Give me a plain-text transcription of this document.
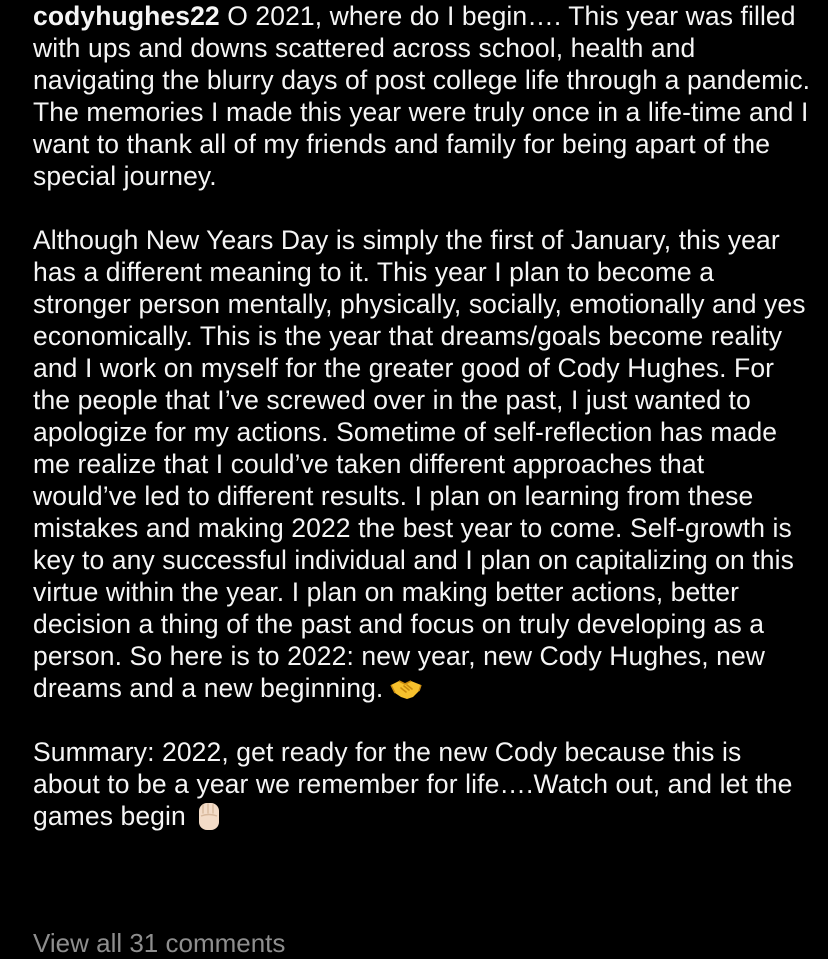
codyhughes22 O 2021, where do I begin…. This year was filled with ups and downs scattered across school, health and navigating the blurry days of post college life through a pandemic. The memories I made this year were truly once in a life-time and I want to thank all of my friends and family for being apart of the special journey.

Although New Years Day is simply the first of January, this year has a different meaning to it. This year I plan to become a stronger person mentally, physically, socially, emotionally and yes economically. This is the year that dreams/goals become reality and I work on myself for the greater good of Cody Hughes. For the people that I’ve screwed over in the past, I just wanted to apologize for my actions. Sometime of self-reflection has made me realize that I could’ve taken different approaches that would’ve led to different results. I plan on learning from these mistakes and making 2022 the best year to come. Self-growth is key to any successful individual and I plan on capitalizing on this virtue within the year. I plan on making better actions, better decision a thing of the past and focus on truly developing as a person. So here is to 2022: new year, new Cody Hughes, new dreams and a new beginning.

Summary: 2022, get ready for the new Cody because this is about to be a year we remember for life….Watch out, and let the games begin

View all 31 comments
